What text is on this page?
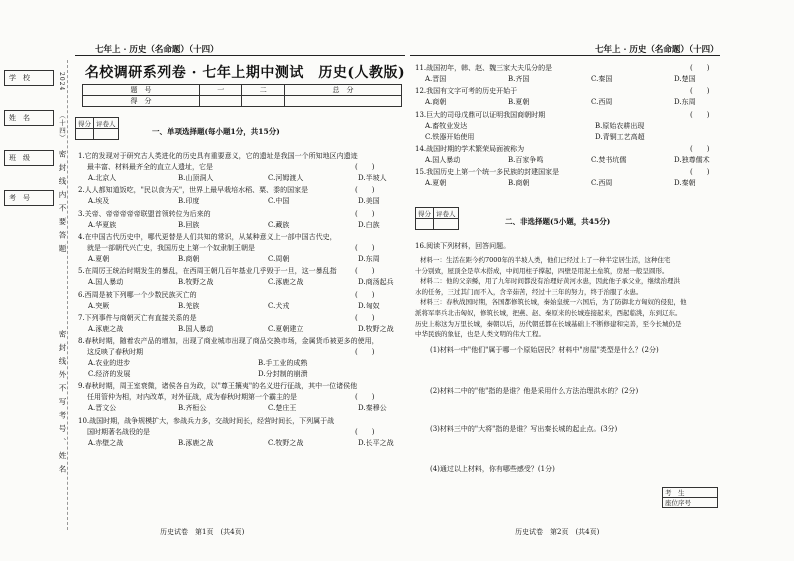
七年上 · 历史（名命题）（十四）	七年上 · 历史（名命题）（十四）
学　校
姓　名
班　级
考　号
2024
（十四）
密封线内不要答题
密封线外不写考号、姓名
名校调研系列卷 · 七年上期中测试　历史(人教版)
题　号	一	二	总　分
得　分			
得分	评卷人

一、单项选择题(每小题1分，共15分)
1.它的发现对于研究古人类进化的历史具有重要意义，它的遗址是我国一个所知地区内遗迹
最丰富、材料最齐全的直立人遗址，它是	(　　)
A.北京人	B.山顶洞人	C.河姆渡人	D.半坡人
2.人人都知道饭吃，"民以食为天"，世界上最早栽培水稻、粟、黍的国家是	(　　)
A.埃及	B.印度	C.中国	D.美国
3.关帝、帝帝帝帝帝联盟首领转位为后来的	(　　)
A.华夏族	B.回族	C.藏族	D.白族
4.在中国古代历史中，哪代更替是人们共知的常识，从某种意义上一部中国古代史，
就是一部朝代兴亡史，我国历史上第一个奴隶制王朝是	(　　)
A.夏朝	B.商朝	C.周朝	D.东周
5.在周厉王统治时期发生的暴乱，在西周王朝几百年基业几乎毁于一旦，这一暴乱指	(　　)
A.国人暴动	B.牧野之战	C.涿鹿之战	D.商汤起兵
6.西周是被下列哪一个少数民族灭亡的	(　　)
A.突厥	B.羌族	C.犬戎	D.匈奴
7.下列事件与商朝灭亡有直接关系的是	(　　)
A.涿鹿之战	B.国人暴动	C.夏朝建立	D.牧野之战
8.春秋时期，随着农产品的增加，出现了商业城市出现了商品交换市场，金属货币被更多的使用，
这反映了春秋时期	(　　)
A.农业的进步	B.手工业的成熟
C.经济的发展	D.分封制的崩溃
9.春秋时期，周王室衰微，诸侯各自为政，以"尊王攘夷"的名义进行征战，其中一位诸侯他
任用管仲为相，对内改革，对外征战，成为春秋时期第一个霸主的是	(　　)
A.晋文公	B.齐桓公	C.楚庄王	D.秦穆公
10.战国时期，战争规模扩大，参战兵力多，交战时间长，经营时间长，下列属于战
国时期著名战役的是	(　　)
A.赤壁之战	B.涿鹿之战	C.牧野之战	D.长平之战
11.战国初年，韩、赵、魏三家大夫瓜分的是	(　　)
A.晋国	B.齐国	C.秦国	D.楚国
12.我国有文字可考的历史开始于	(　　)
A.商朝	B.夏朝	C.西周	D.东周
13.巨大的司母戊鼎可以证明我国商朝时期	(　　)
A.畜牧业发达	B.原始农耕出现
C.铁器开始使用	D.青铜工艺高超
14.战国时期的学术繁荣局面被称为	(　　)
A.国人暴动	B.百家争鸣	C.焚书坑儒	D.独尊儒术
15.我国历史上第一个统一多民族的封建国家是	(　　)
A.夏朝	B.商朝	C.西周	D.秦朝
得分	评卷人

二、非选择题(5小题，共45分)
16.阅读下列材料，回答问题。
材料一：生活在距今约7000年的半坡人类，他们已经过上了一种半定居生活，这种住宅
十分别致，屋顶全是草木搭成，中间用柱子撑起，四壁是用泥土垒筑，房屋一般呈圆形。
材料二：他的父亲鲧，用了九年时间都没有治理好黄河水患，因此他子承父业，继续治理洪
水的任务，三过其门而不入，含辛茹苦，经过十三年的努力，终于治服了水患。
材料三：春秋战国时期，各国都修筑长城，秦始皇统一六国后，为了防御北方匈奴的侵犯，他
派将军率兵北击匈奴，修筑长城，把燕、赵、秦原来的长城连接起来，西起临洮，东到辽东。
历史上称这为万里长城，秦朝以后，历代朝廷都在长城基础上不断修建和完善，至今长城仍是
中华民族的象征，也是人类文明的伟大工程。
(1)材料一中"他们"属于哪一个原始居民？材料中"房屋"类型是什么？(2分)
(2)材料二中的"他"指的是谁？他是采用什么方法治理洪水的？(2分)
(3)材料三中的"大将"指的是谁？写出秦长城的起止点。(3分)
(4)通过以上材料，你有哪些感受？(1分)
考　生
座位序号
历史试卷　第1页　(共4页)	历史试卷　第2页　(共4页)
